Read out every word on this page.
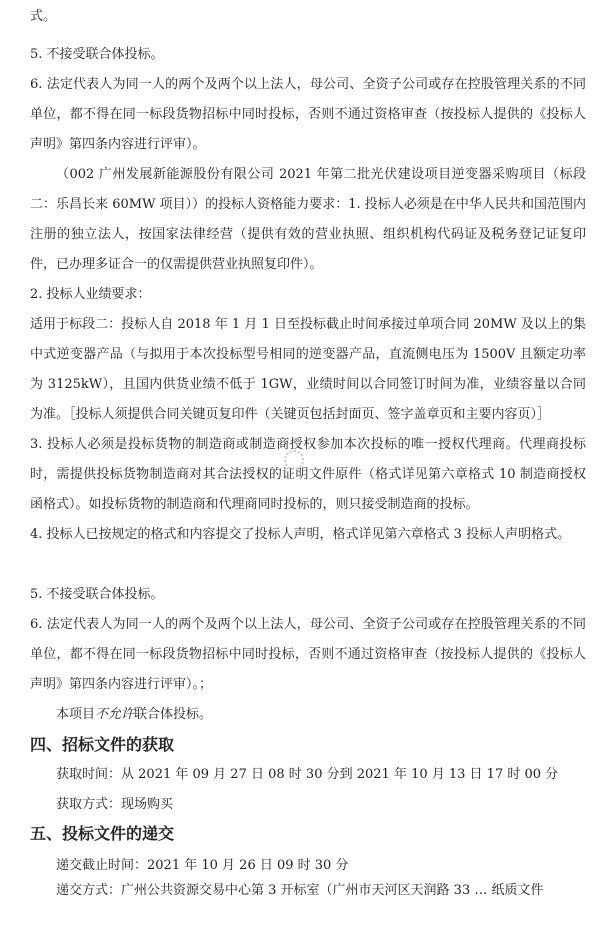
式。

5. 不接受联合体投标。

6. 法定代表人为同一人的两个及两个以上法人，母公司、全资子公司或存在控股管理关系的不同单位，都不得在同一标段货物招标中同时投标，否则不通过资格审查（按投标人提供的《投标人声明》第四条内容进行评审）。

（002 广州发展新能源股份有限公司 2021 年第二批光伏建设项目逆变器采购项目（标段二：乐昌长来 60MW 项目））的投标人资格能力要求：1. 投标人必须是在中华人民共和国范围内注册的独立法人，按国家法律经营（提供有效的营业执照、组织机构代码证及税务登记证复印件，已办理多证合一的仅需提供营业执照复印件）。

2. 投标人业绩要求：

适用于标段二：投标人自 2018 年 1 月 1 日至投标截止时间承接过单项合同 20MW 及以上的集中式逆变器产品（与拟用于本次投标型号相同的逆变器产品，直流侧电压为 1500V 且额定功率为 3125kW），且国内供货业绩不低于 1GW，业绩时间以合同签订时间为准，业绩容量以合同为准。［投标人须提供合同关键页复印件（关键页包括封面页、签字盖章页和主要内容页）］

3. 投标人必须是投标货物的制造商或制造商授权参加本次投标的唯一授权代理商。代理商投标时，需提供投标货物制造商对其合法授权的证明文件原件（格式详见第六章格式 10 制造商授权函格式）。如投标货物的制造商和代理商同时投标的，则只接受制造商的投标。

4. 投标人已按规定的格式和内容提交了投标人声明，格式详见第六章格式 3 投标人声明格式。

5. 不接受联合体投标。

6. 法定代表人为同一人的两个及两个以上法人，母公司、全资子公司或存在控股管理关系的不同单位，都不得在同一标段货物招标中同时投标，否则不通过资格审查（按投标人提供的《投标人声明》第四条内容进行评审）。；

本项目不允许联合体投标。

四、招标文件的获取

获取时间：从 2021 年 09 月 27 日 08 时 30 分到 2021 年 10 月 13 日 17 时 00 分

获取方式：现场购买

五、投标文件的递交

递交截止时间：2021 年 10 月 26 日 09 时 30 分

递交方式：广州公共资源交易中心第 3 开标室（广州市天河区天润路 33 … 纸质文件
